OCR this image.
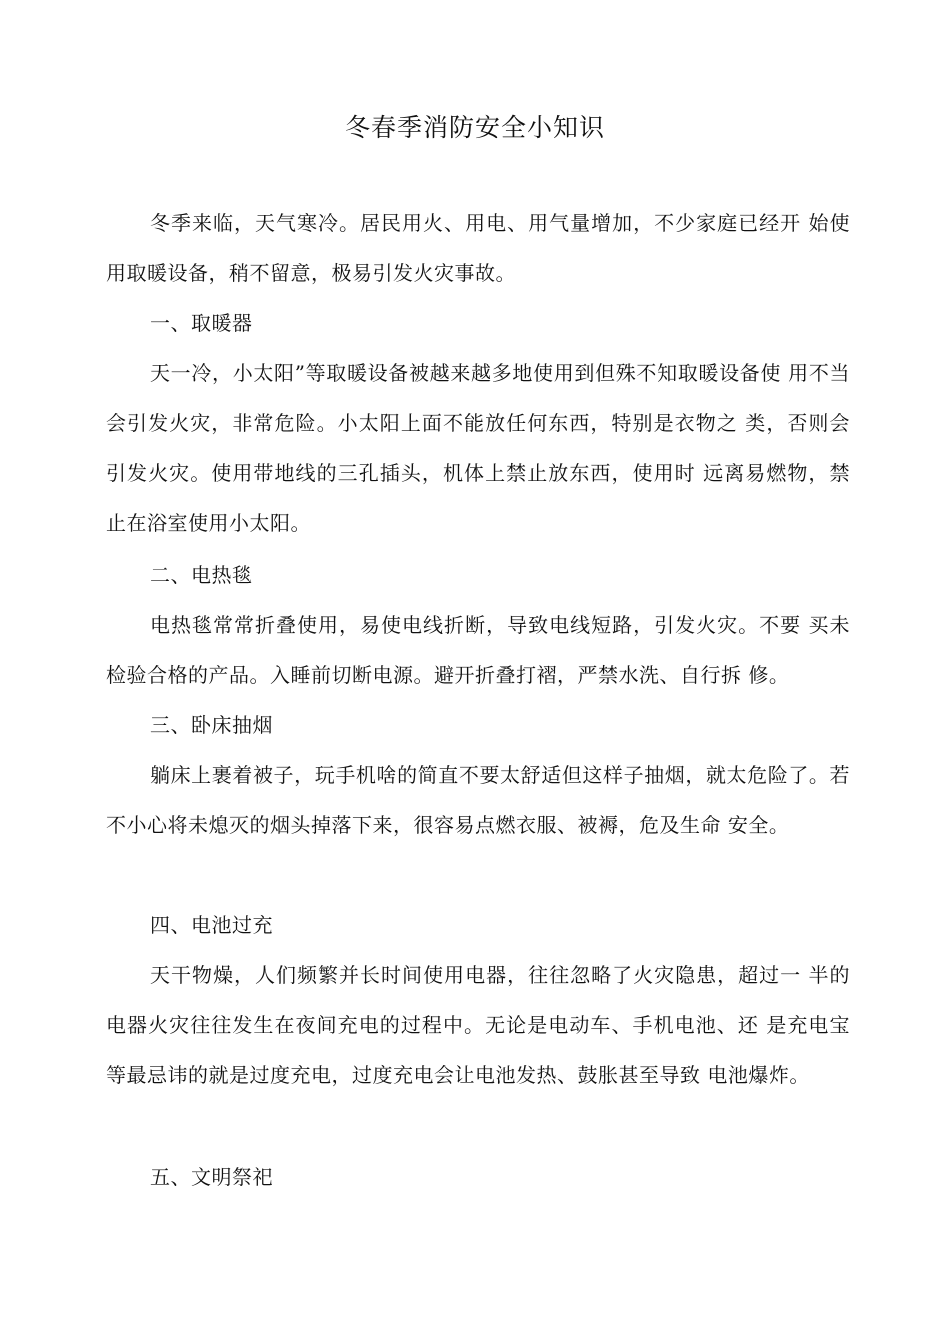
冬春季消防安全小知识

冬季来临，天气寒冷。居民用火、用电、用气量增加，不少家庭已经开 始使用取暖设备，稍不留意，极易引发火灾事故。

一、取暖器

天一冷，小太阳”等取暖设备被越来越多地使用到但殊不知取暖设备使 用不当会引发火灾，非常危险。小太阳上面不能放任何东西，特别是衣物之 类，否则会引发火灾。使用带地线的三孔插头，机体上禁止放东西，使用时 远离易燃物，禁止在浴室使用小太阳。

二、电热毯

电热毯常常折叠使用，易使电线折断，导致电线短路，引发火灾。不要 买未检验合格的产品。入睡前切断电源。避开折叠打褶，严禁水洗、自行拆 修。

三、卧床抽烟

躺床上裹着被子，玩手机啥的简直不要太舒适但这样子抽烟，就太危险了。若不小心将未熄灭的烟头掉落下来，很容易点燃衣服、被褥，危及生命 安全。

四、电池过充

天干物燥，人们频繁并长时间使用电器，往往忽略了火灾隐患，超过一 半的电器火灾往往发生在夜间充电的过程中。无论是电动车、手机电池、还 是充电宝等最忌讳的就是过度充电，过度充电会让电池发热、鼓胀甚至导致 电池爆炸。

五、文明祭祀
